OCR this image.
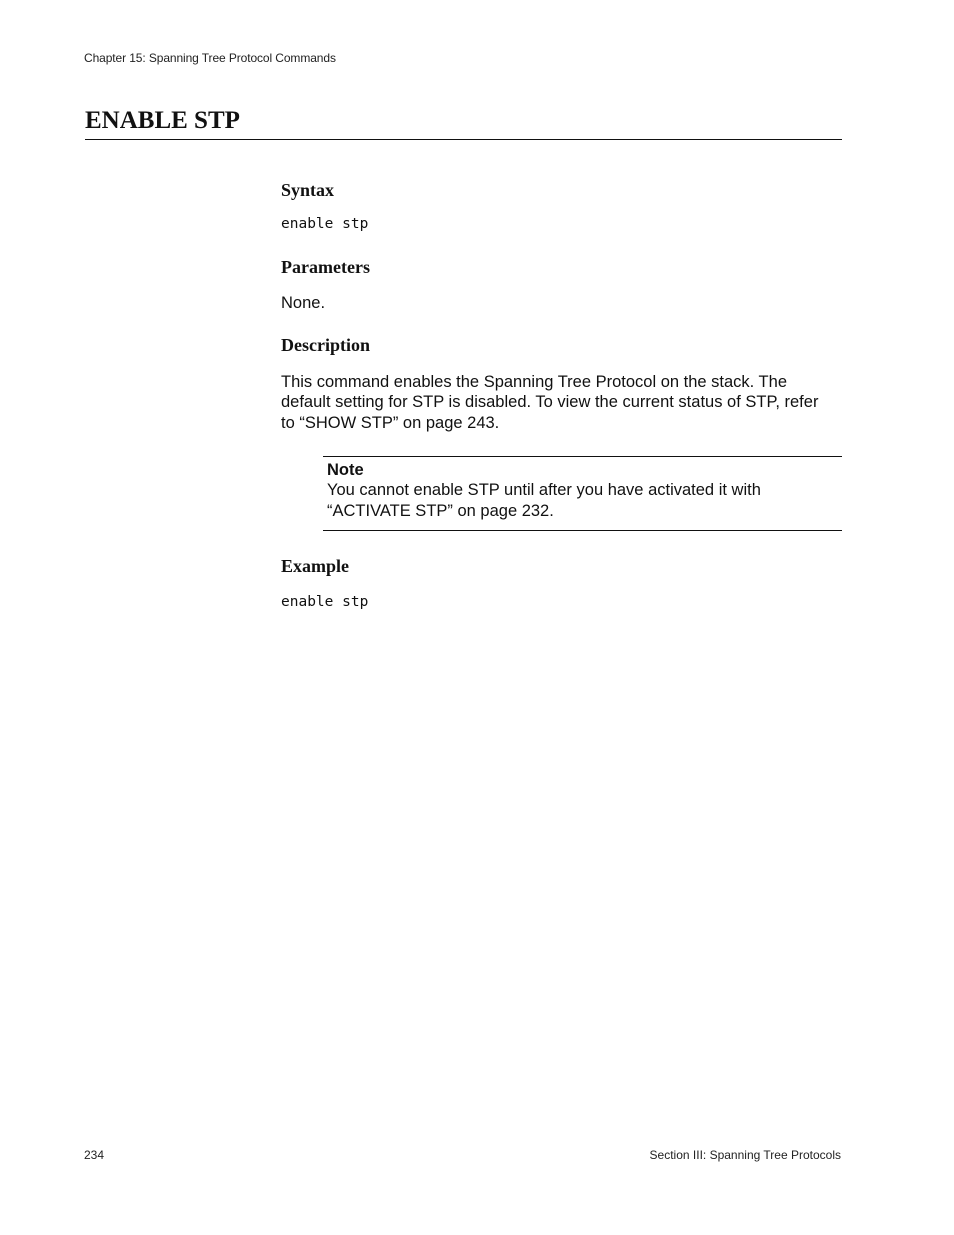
Chapter 15: Spanning Tree Protocol Commands
ENABLE STP
Syntax

enable stp

Parameters

None.

Description

This command enables the Spanning Tree Protocol on the stack. The

default setting for STP is disabled. To view the current status of STP, refer

to “SHOW STP” on page 243.

Note

You cannot enable STP until after you have activated it with

“ACTIVATE STP” on page 232.

Example

enable stp

234	Section III: Spanning Tree Protocols
